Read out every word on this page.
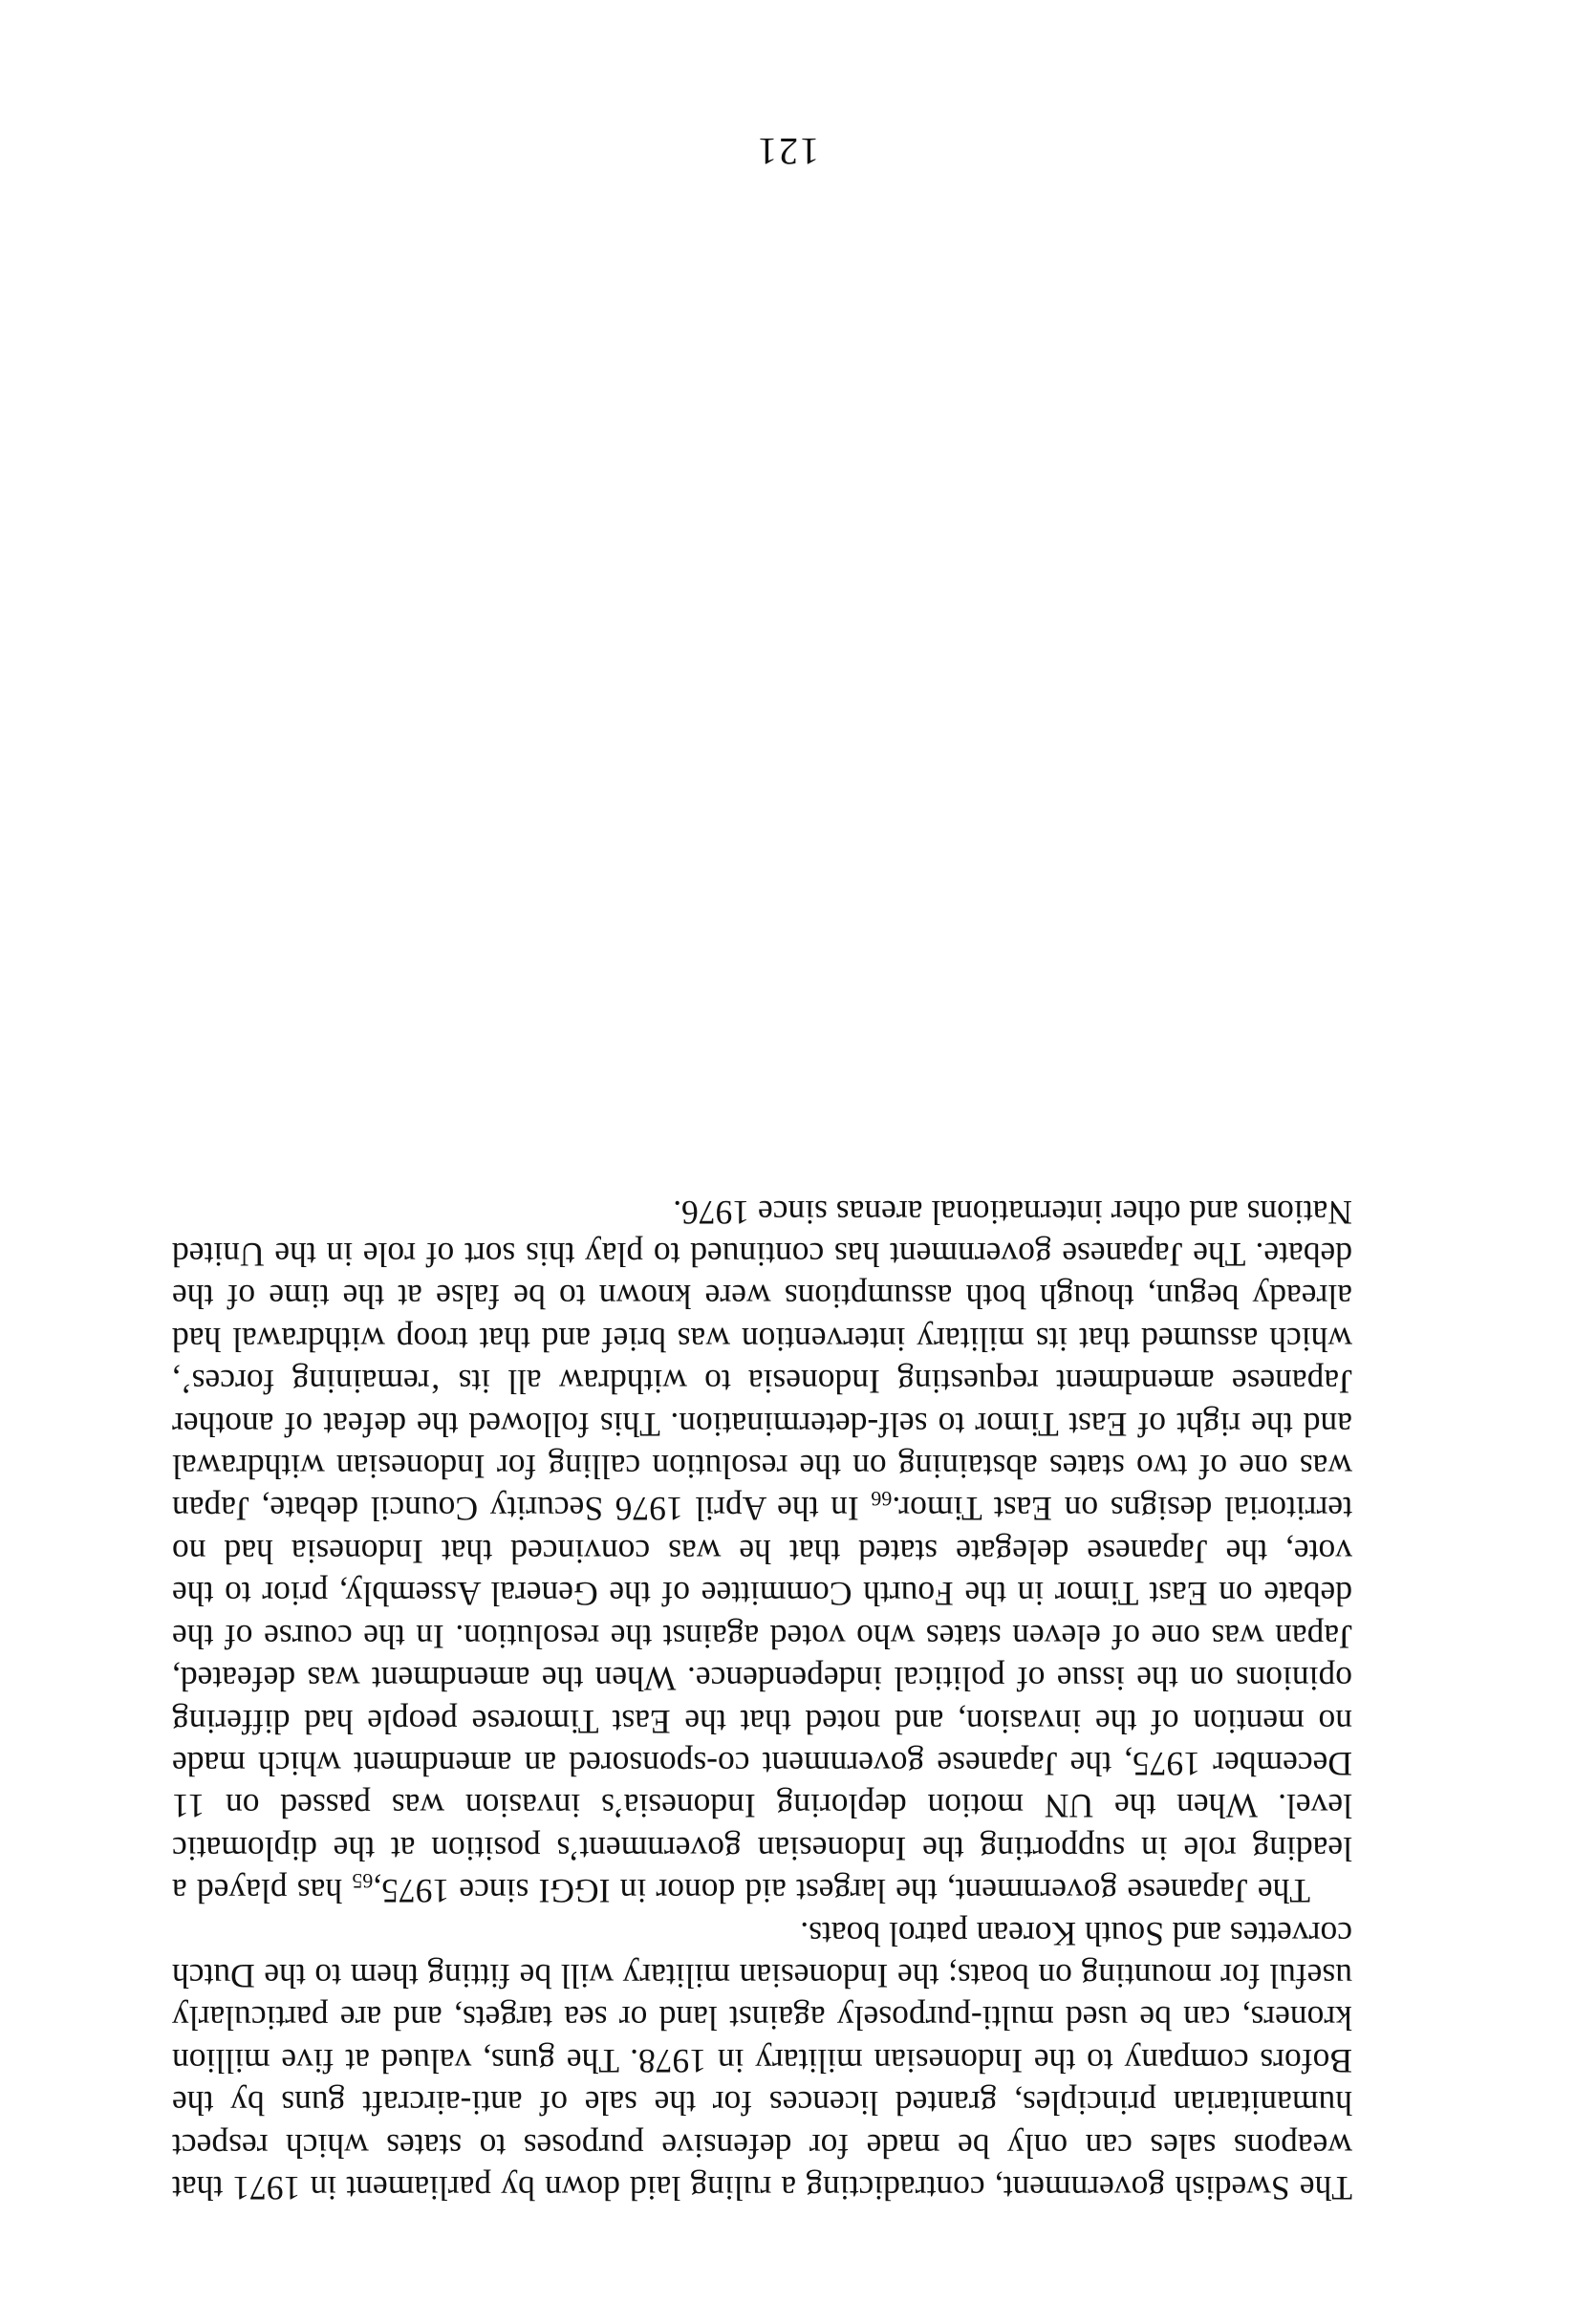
The Swedish government, contradicting a ruling laid down by parliament in 1971 that weapons sales can only be made for defensive purposes to states which respect humanitarian principles, granted licences for the sale of anti-aircraft guns by the Bofors company to the Indonesian military in 1978. The guns, valued at five million kroners, can be used multi-purposely against land or sea targets, and are particularly useful for mounting on boats; the Indonesian military will be fitting them to the Dutch corvettes and South Korean patrol boats.

The Japanese government, the largest aid donor in IGGI since $1975,_{65}$ has played a leading role in supporting the Indonesian government’s position at the diplomatic level. When the UN motion deploring Indonesia’s invasion was passed on 11 December 1975, the Japanese government co-sponsored an amendment which made no mention of the invasion, and noted that the East Timorese people had differing opinions on the issue of political independence. When the amendment was defeated, Japan was one of eleven states who voted against the resolution. In the course of the debate on East Timor in the Fourth Committee of the General Assembly, prior to the vote, the Japanese delegate stated that he was convinced that Indonesia had no territorial designs on East $Timor._{66}$ In the April 1976 Security Council debate, Japan was one of two states abstaining on the resolution calling for Indonesian withdrawal and the right of East Timor to self-determination. This followed the defeat of another Japanese amendment requesting Indonesia to withdraw all its ‘remaining forces’, which assumed that its military intervention was brief and that troop withdrawal had already begun, though both assumptions were known to be false at the time of the debate. The Japanese government has continued to play this sort of role in the United Nations and other international arenas since 1976.

121
